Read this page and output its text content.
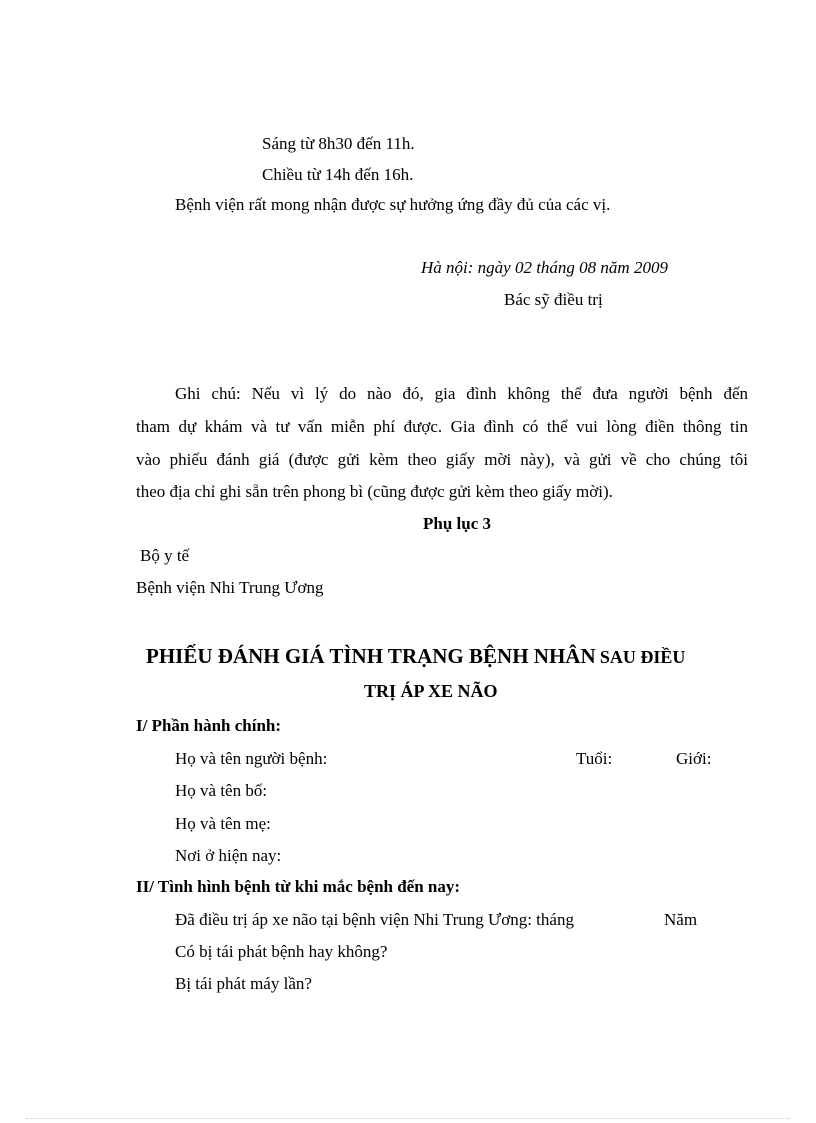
Sáng từ 8h30 đến 11h.
Chiều từ 14h đến 16h.
Bệnh viện rất mong nhận được sự hưởng ứng đầy đủ của các vị.
Hà nội: ngày 02 tháng 08 năm 2009
Bác sỹ điều trị
Ghi chú: Nếu vì lý do nào đó, gia đình không thể đưa người bệnh đến
tham dự khám và tư vấn miễn phí được. Gia đình có thể vui lòng điền thông tin
vào phiếu đánh giá (được gửi kèm theo giấy mời này), và gửi về cho chúng tôi
theo địa chỉ ghi sẵn trên phong bì (cũng được gửi kèm theo giấy mời).
Phụ lục 3
Bộ y tế
Bệnh viện Nhi Trung Ương
PHIẾU ĐÁNH GIÁ TÌNH TRẠNG BỆNH NHÂN SAU ĐIỀU
TRỊ ÁP XE NÃO
I/ Phần hành chính:
Họ và tên người bệnh:	Tuổi:	Giới:
Họ và tên bố:
Họ và tên mẹ:
Nơi ở hiện nay:
II/ Tình hình bệnh từ khi mắc bệnh đến nay:
Đã điều trị áp xe não tại bệnh viện Nhi Trung Ương: tháng	Năm
Có bị tái phát bệnh hay không?
Bị tái phát máy lần?
